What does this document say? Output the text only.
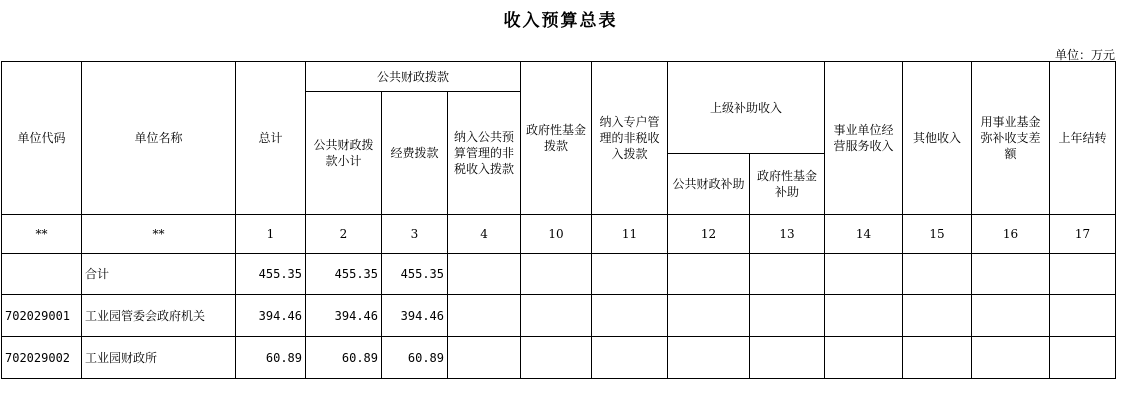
收入预算总表
单位：万元
单位代码	单位名称	总计	公共财政拨款			政府性基金拨款	纳入专户管理的非税收入拨款	上级补助收入		事业单位经营服务收入	其他收入	用事业基金弥补收支差额	上年结转
			公共财政拨款小计	经费拨款	纳入公共预算管理的非税收入拨款								
								公共财政补助	政府性基金补助				
**	**	1	2	3	4	10	11	12	13	14	15	16	17
	合计	455.35	455.35	455.35									
702029001	工业园管委会政府机关	394.46	394.46	394.46									
702029002	工业园财政所	60.89	60.89	60.89									
